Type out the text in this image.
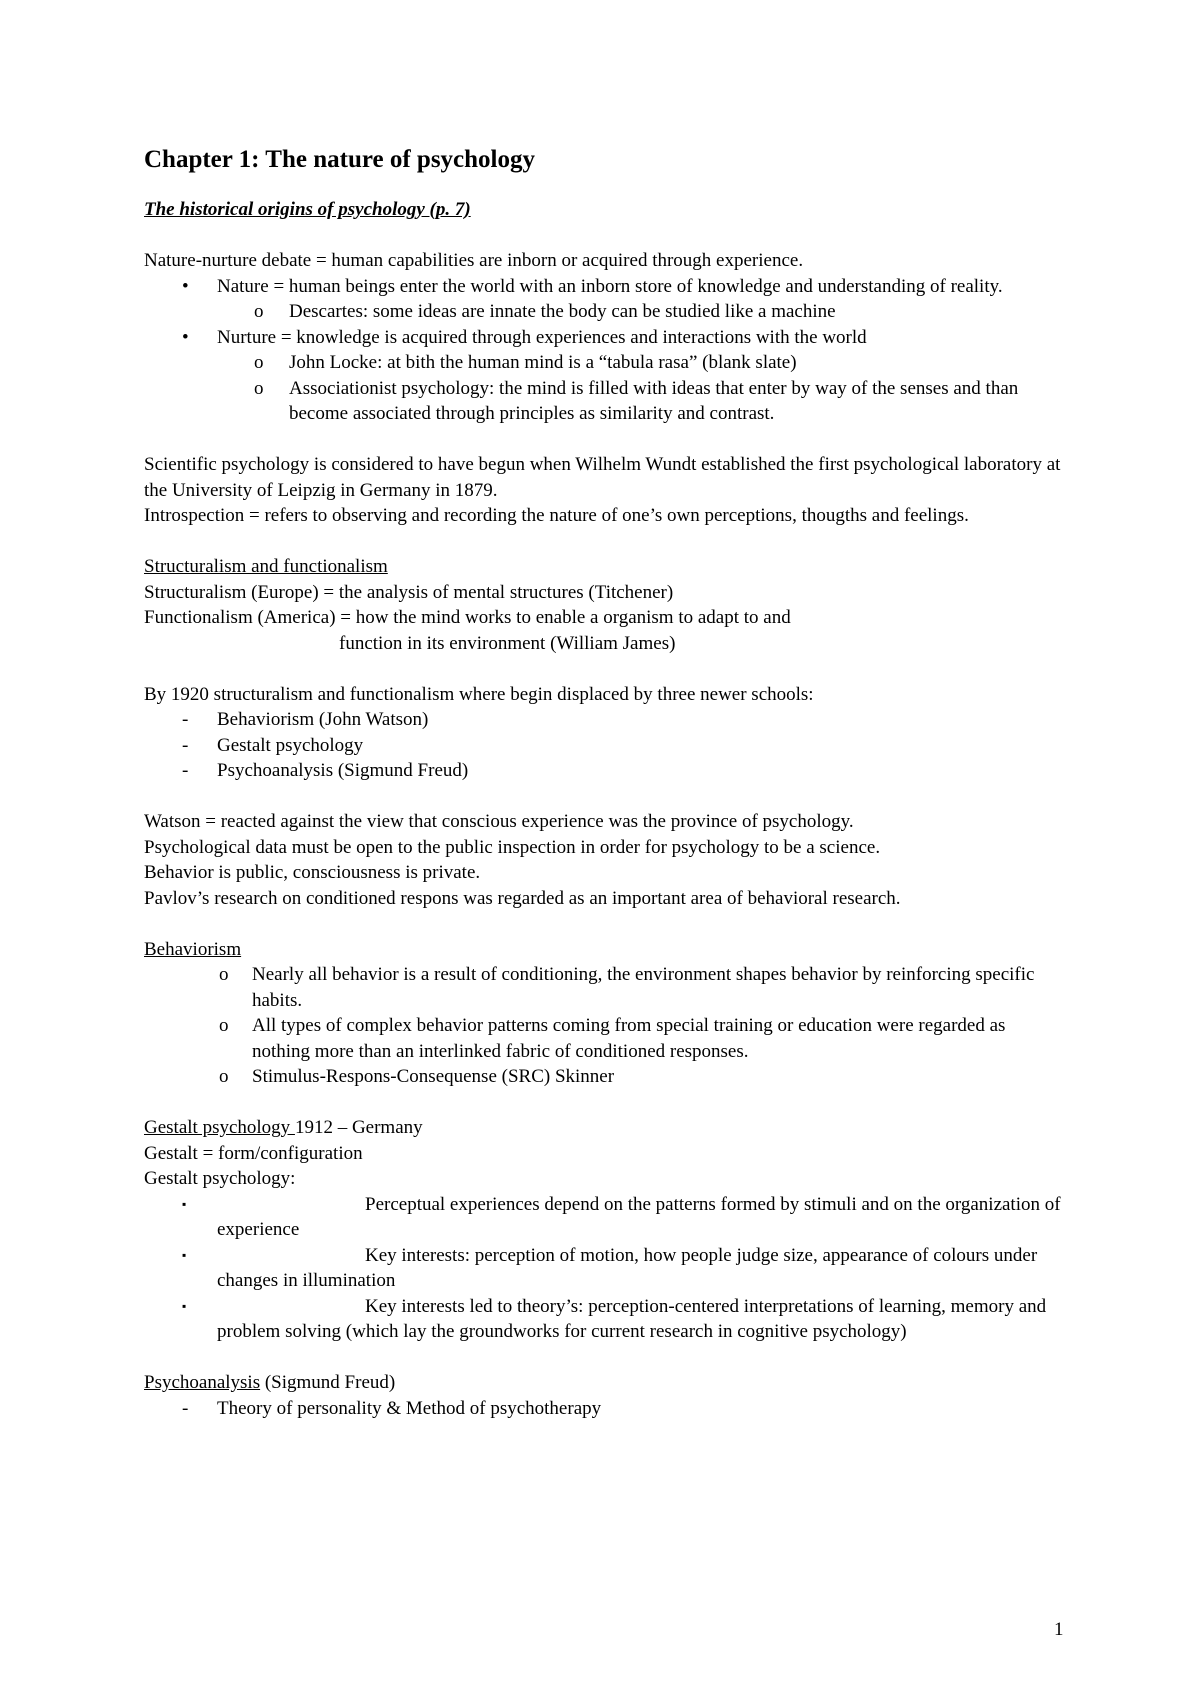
Chapter 1: The nature of psychology

The historical origins of psychology (p. 7)

Nature-nurture debate = human capabilities are inborn or acquired through experience.

• Nature = human beings enter the world with an inborn store of knowledge and understanding of reality.
o Descartes: some ideas are innate the body can be studied like a machine
• Nurture = knowledge is acquired through experiences and interactions with the world
o John Locke: at bith the human mind is a “tabula rasa” (blank slate)
o Associationist psychology: the mind is filled with ideas that enter by way of the senses and than become associated through principles as similarity and contrast.

Scientific psychology is considered to have begun when Wilhelm Wundt established the first psychological laboratory at the University of Leipzig in Germany in 1879.

Introspection = refers to observing and recording the nature of one’s own perceptions, thougths and feelings.

Structuralism and functionalism

Structuralism (Europe) = the analysis of mental structures (Titchener)

Functionalism (America) = how the mind works to enable a organism to adapt to and

function in its environment (William James)

By 1920 structuralism and functionalism where begin displaced by three newer schools:

- Behaviorism (John Watson)
- Gestalt psychology
- Psychoanalysis (Sigmund Freud)

Watson = reacted against the view that conscious experience was the province of psychology.

Psychological data must be open to the public inspection in order for psychology to be a science.

Behavior is public, consciousness is private.

Pavlov’s research on conditioned respons was regarded as an important area of behavioral research.

Behaviorism

o Nearly all behavior is a result of conditioning, the environment shapes behavior by reinforcing specific habits.
o All types of complex behavior patterns coming from special training or education were regarded as nothing more than an interlinked fabric of conditioned responses.
o Stimulus-Respons-Consequense (SRC) Skinner

Gestalt psychology 1912 – Germany

Gestalt = form/configuration

Gestalt psychology:

▪	Perceptual experiences depend on the patterns formed by stimuli and on the organization of experience
▪	Key interests: perception of motion, how people judge size, appearance of colours under changes in illumination
▪	Key interests led to theory’s: perception-centered interpretations of learning, memory and problem solving (which lay the groundworks for current research in cognitive psychology)

Psychoanalysis (Sigmund Freud)

- Theory of personality & Method of psychotherapy
1
